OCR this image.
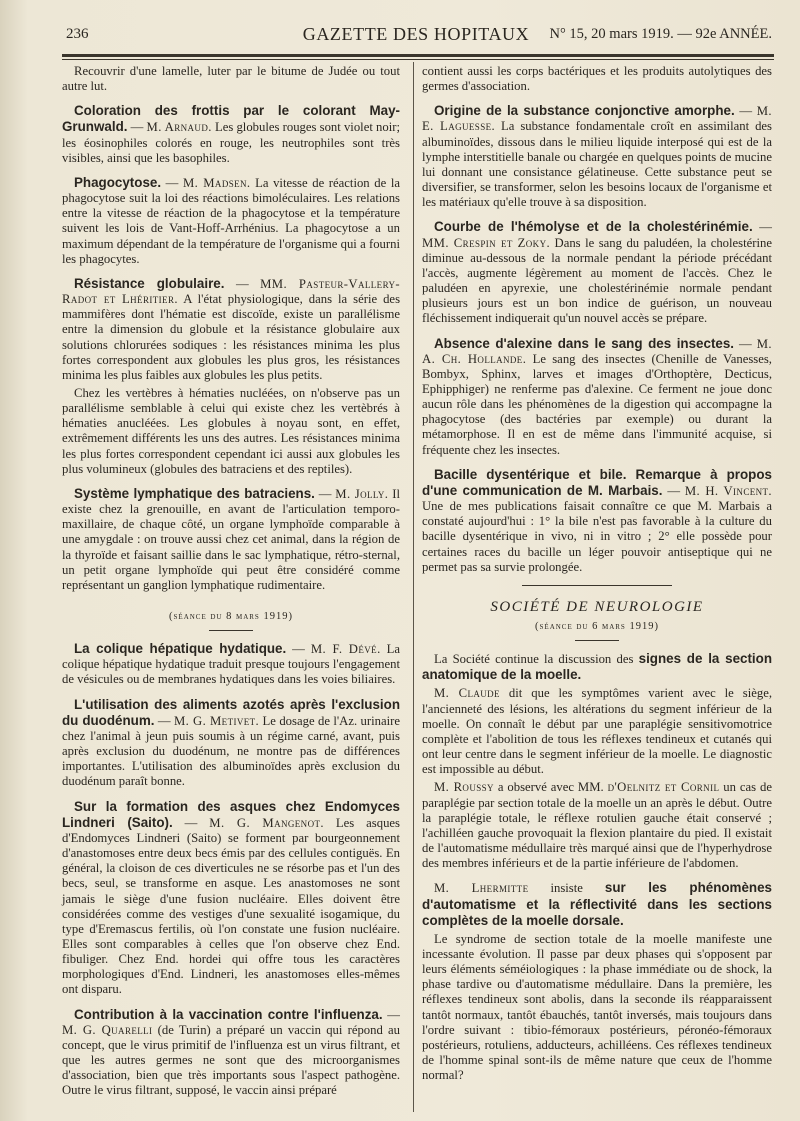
236	GAZETTE DES HOPITAUX	N° 15, 20 mars 1919. — 92e ANNÉE.

Recouvrir d'une lamelle, luter par le bitume de Judée ou tout autre lut.

Coloration des frottis par le colorant May-Grunwald. — M. Arnaud. Les globules rouges sont violet noir; les éosinophiles colorés en rouge, les neutrophiles sont très visibles, ainsi que les basophiles.

Phagocytose. — M. Madsen. La vitesse de réaction de la phagocytose suit la loi des réactions bimoléculaires. Les relations entre la vitesse de réaction de la phagocytose et la température suivent les lois de Vant-Hoff-Arrhénius. La phagocytose a un maximum dépendant de la température de l'organisme qui a fourni les phagocytes.

Résistance globulaire. — MM. Pasteur-Vallery-Radot et Lhéritier. A l'état physiologique, dans la série des mammifères dont l'hématie est discoïde, existe un parallélisme entre la dimension du globule et la résistance globulaire aux solutions chlorurées sodiques : les résistances minima les plus fortes correspondent aux globules les plus gros, les résistances minima les plus faibles aux globules les plus petits.

Chez les vertèbres à hématies nucléées, on n'observe pas un parallélisme semblable à celui qui existe chez les vertèbrés à hématies anucléées. Les globules à noyau sont, en effet, extrêmement différents les uns des autres. Les résistances minima les plus fortes correspondent cependant ici aussi aux globules les plus volumineux (globules des batraciens et des reptiles).

Système lymphatique des batraciens. — M. Jolly. Il existe chez la grenouille, en avant de l'articulation temporo-maxillaire, de chaque côté, un organe lymphoïde comparable à une amygdale : on trouve aussi chez cet animal, dans la région de la thyroïde et faisant saillie dans le sac lymphatique, rétro-sternal, un petit organe lymphoïde qui peut être considéré comme représentant un ganglion lymphatique rudimentaire.

(séance du 8 mars 1919)

La colique hépatique hydatique. — M. F. Dévé. La colique hépatique hydatique traduit presque toujours l'engagement de vésicules ou de membranes hydatiques dans les voies biliaires.

L'utilisation des aliments azotés après l'exclusion du duodénum. — M. G. Metivet. Le dosage de l'Az. urinaire chez l'animal à jeun puis soumis à un régime carné, avant, puis après exclusion du duodénum, ne montre pas de différences importantes. L'utilisation des albuminoïdes après exclusion du duodénum paraît bonne.

Sur la formation des asques chez Endomyces Lindneri (Saito). — M. G. Mangenot. Les asques d'Endomyces Lindneri (Saito) se forment par bourgeonnement d'anastomoses entre deux becs émis par des cellules contiguës. En général, la cloison de ces diverticules ne se résorbe pas et l'un des becs, seul, se transforme en asque. Les anastomoses ne sont jamais le siège d'une fusion nucléaire. Elles doivent être considérées comme des vestiges d'une sexualité isogamique, du type d'Eremascus fertilis, où l'on constate une fusion nucléaire. Elles sont comparables à celles que l'on observe chez End. fibuliger. Chez End. hordei qui offre tous les caractères morphologiques d'End. Lindneri, les anastomoses elles-mêmes ont disparu.

Contribution à la vaccination contre l'influenza. — M. G. Quarelli (de Turin) a préparé un vaccin qui répond au concept, que le virus primitif de l'influenza est un virus filtrant, et que les autres germes ne sont que des microorganismes d'association, bien que très importants sous l'aspect pathogène. Outre le virus filtrant, supposé, le vaccin ainsi préparé

contient aussi les corps bactériques et les produits autolytiques des germes d'association.

Origine de la substance conjonctive amorphe. — M. E. Laguesse. La substance fondamentale croît en assimilant des albuminoïdes, dissous dans le milieu liquide interposé qui est de la lymphe interstitielle banale ou chargée en quelques points de mucine lui donnant une consistance gélatineuse. Cette substance peut se diversifier, se transformer, selon les besoins locaux de l'organisme et les matériaux qu'elle trouve à sa disposition.

Courbe de l'hémolyse et de la cholestérinémie. — MM. Crespin et Zoky. Dans le sang du paludéen, la cholestérine diminue au-dessous de la normale pendant la période précédant l'accès, augmente légèrement au moment de l'accès. Chez le paludéen en apyrexie, une cholestérinémie normale pendant plusieurs jours est un bon indice de guérison, un nouveau fléchissement indiquerait qu'un nouvel accès se prépare.

Absence d'alexine dans le sang des insectes. — M. A. Ch. Hollande. Le sang des insectes (Chenille de Vanesses, Bombyx, Sphinx, larves et images d'Orthoptère, Decticus, Ephipphiger) ne renferme pas d'alexine. Ce ferment ne joue donc aucun rôle dans les phénomènes de la digestion qui accompagne la phagocytose (des bactéries par exemple) ou durant la métamorphose. Il en est de même dans l'immunité acquise, si fréquente chez les insectes.

Bacille dysentérique et bile. Remarque à propos d'une communication de M. Marbais. — M. H. Vincent. Une de mes publications faisait connaître ce que M. Marbais a constaté aujourd'hui : 1° la bile n'est pas favorable à la culture du bacille dysentérique in vivo, ni in vitro ; 2° elle possède pour certaines races du bacille un léger pouvoir antiseptique qui ne permet pas sa survie prolongée.

SOCIÉTÉ DE NEUROLOGIE

(séance du 6 mars 1919)

La Société continue la discussion des signes de la section anatomique de la moelle.

M. Claude dit que les symptômes varient avec le siège, l'ancienneté des lésions, les altérations du segment inférieur de la moelle. On connaît le début par une paraplégie sensitivomotrice complète et l'abolition de tous les réflexes tendineux et cutanés qui ont leur centre dans le segment inférieur de la moelle. Le diagnostic est impossible au début.

M. Roussy a observé avec MM. d'Oelnitz et Cornil un cas de paraplégie par section totale de la moelle un an après le début. Outre la paraplégie totale, le réflexe rotulien gauche était conservé ; l'achilléen gauche provoquait la flexion plantaire du pied. Il existait de l'automatisme médullaire très marqué ainsi que de l'hyperhydrose des membres inférieurs et de la partie inférieure de l'abdomen.

M. Lhermitte insiste sur les phénomènes d'automatisme et la réflectivité dans les sections complètes de la moelle dorsale.

Le syndrome de section totale de la moelle manifeste une incessante évolution. Il passe par deux phases qui s'opposent par leurs éléments séméiologiques : la phase immédiate ou de shock, la phase tardive ou d'automatisme médullaire. Dans la première, les réflexes tendineux sont abolis, dans la seconde ils réapparaissent tantôt normaux, tantôt ébauchés, tantôt inversés, mais toujours dans l'ordre suivant : tibio-fémoraux postérieurs, péronéo-fémoraux postérieurs, rotuliens, adducteurs, achilléens. Ces réflexes tendineux de l'homme spinal sont-ils de même nature que ceux de l'homme normal?
